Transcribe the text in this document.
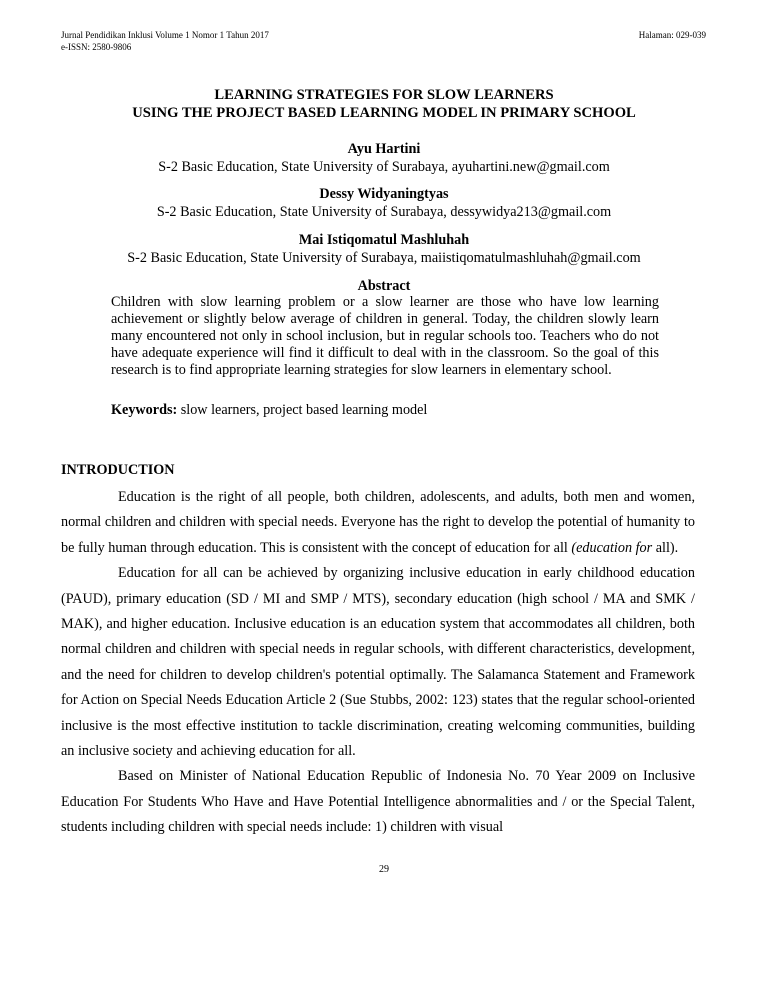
Jurnal Pendidikan Inklusi Volume 1 Nomor 1 Tahun 2017
e-ISSN: 2580-9806
Halaman: 029-039
LEARNING STRATEGIES FOR SLOW LEARNERS
USING THE PROJECT BASED LEARNING MODEL IN PRIMARY SCHOOL
Ayu Hartini
S-2 Basic Education, State University of Surabaya, ayuhartini.new@gmail.com
Dessy Widyaningtyas
S-2 Basic Education, State University of Surabaya, dessywidya213@gmail.com
Mai Istiqomatul Mashluhah
S-2 Basic Education, State University of Surabaya, maiistiqomatulmashluhah@gmail.com
Abstract
Children with slow learning problem or a slow learner are those who have low learning achievement or slightly below average of children in general. Today, the children slowly learn many encountered not only in school inclusion, but in regular schools too. Teachers who do not have adequate experience will find it difficult to deal with in the classroom. So the goal of this research is to find appropriate learning strategies for slow learners in elementary school.
Keywords: slow learners, project based learning model
INTRODUCTION

Education is the right of all people, both children, adolescents, and adults, both men and women, normal children and children with special needs. Everyone has the right to develop the potential of humanity to be fully human through education. This is consistent with the concept of education for all (education for all).

Education for all can be achieved by organizing inclusive education in early childhood education (PAUD), primary education (SD / MI and SMP / MTS), secondary education (high school / MA and SMK / MAK), and higher education. Inclusive education is an education system that accommodates all children, both normal children and children with special needs in regular schools, with different characteristics, development, and the need for children to develop children's potential optimally. The Salamanca Statement and Framework for Action on Special Needs Education Article 2 (Sue Stubbs, 2002: 123) states that the regular school-oriented inclusive is the most effective institution to tackle discrimination, creating welcoming communities, building an inclusive society and achieving education for all.

Based on Minister of National Education Republic of Indonesia No. 70 Year 2009 on Inclusive Education For Students Who Have and Have Potential Intelligence abnormalities and / or the Special Talent, students including children with special needs include: 1) children with visual

29
